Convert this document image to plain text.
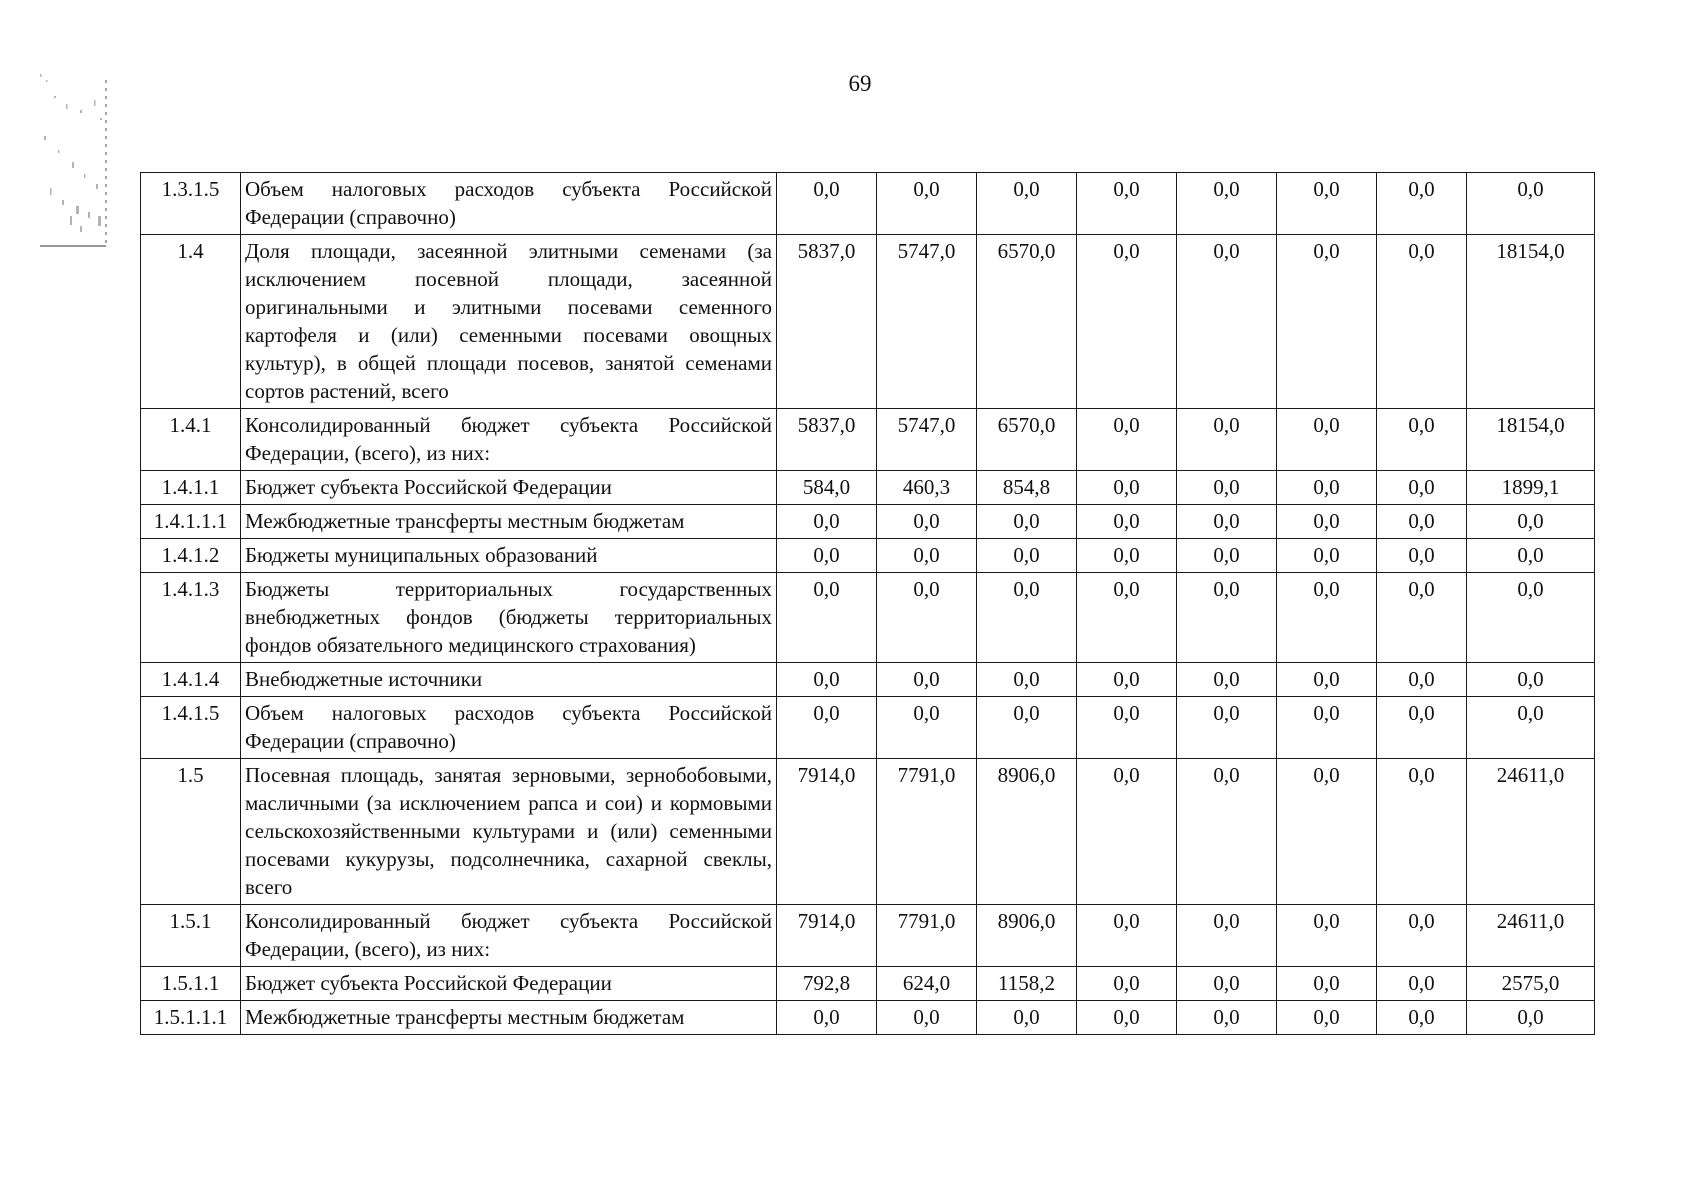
69
1.3.1.5	Объем налоговых расходов субъекта Российской Федерации (справочно)	0,0	0,0	0,0	0,0	0,0	0,0	0,0	0,0
1.4	Доля площади, засеянной элитными семенами (за исключением посевной площади, засеянной оригинальными и элитными посевами семенного картофеля и (или) семенными посевами овощных культур), в общей площади посевов, занятой семенами сортов растений, всего	5837,0	5747,0	6570,0	0,0	0,0	0,0	0,0	18154,0
1.4.1	Консолидированный бюджет субъекта Российской Федерации, (всего), из них:	5837,0	5747,0	6570,0	0,0	0,0	0,0	0,0	18154,0
1.4.1.1	Бюджет субъекта Российской Федерации	584,0	460,3	854,8	0,0	0,0	0,0	0,0	1899,1
1.4.1.1.1	Межбюджетные трансферты местным бюджетам	0,0	0,0	0,0	0,0	0,0	0,0	0,0	0,0
1.4.1.2	Бюджеты муниципальных образований	0,0	0,0	0,0	0,0	0,0	0,0	0,0	0,0
1.4.1.3	Бюджеты территориальных государственных внебюджетных фондов (бюджеты территориальных фондов обязательного медицинского страхования)	0,0	0,0	0,0	0,0	0,0	0,0	0,0	0,0
1.4.1.4	Внебюджетные источники	0,0	0,0	0,0	0,0	0,0	0,0	0,0	0,0
1.4.1.5	Объем налоговых расходов субъекта Российской Федерации (справочно)	0,0	0,0	0,0	0,0	0,0	0,0	0,0	0,0
1.5	Посевная площадь, занятая зерновыми, зернобобовыми, масличными (за исключением рапса и сои) и кормовыми сельскохозяйственными культурами и (или) семенными посевами кукурузы, подсолнечника, сахарной свеклы, всего	7914,0	7791,0	8906,0	0,0	0,0	0,0	0,0	24611,0
1.5.1	Консолидированный бюджет субъекта Российской Федерации, (всего), из них:	7914,0	7791,0	8906,0	0,0	0,0	0,0	0,0	24611,0
1.5.1.1	Бюджет субъекта Российской Федерации	792,8	624,0	1158,2	0,0	0,0	0,0	0,0	2575,0
1.5.1.1.1	Межбюджетные трансферты местным бюджетам	0,0	0,0	0,0	0,0	0,0	0,0	0,0	0,0
